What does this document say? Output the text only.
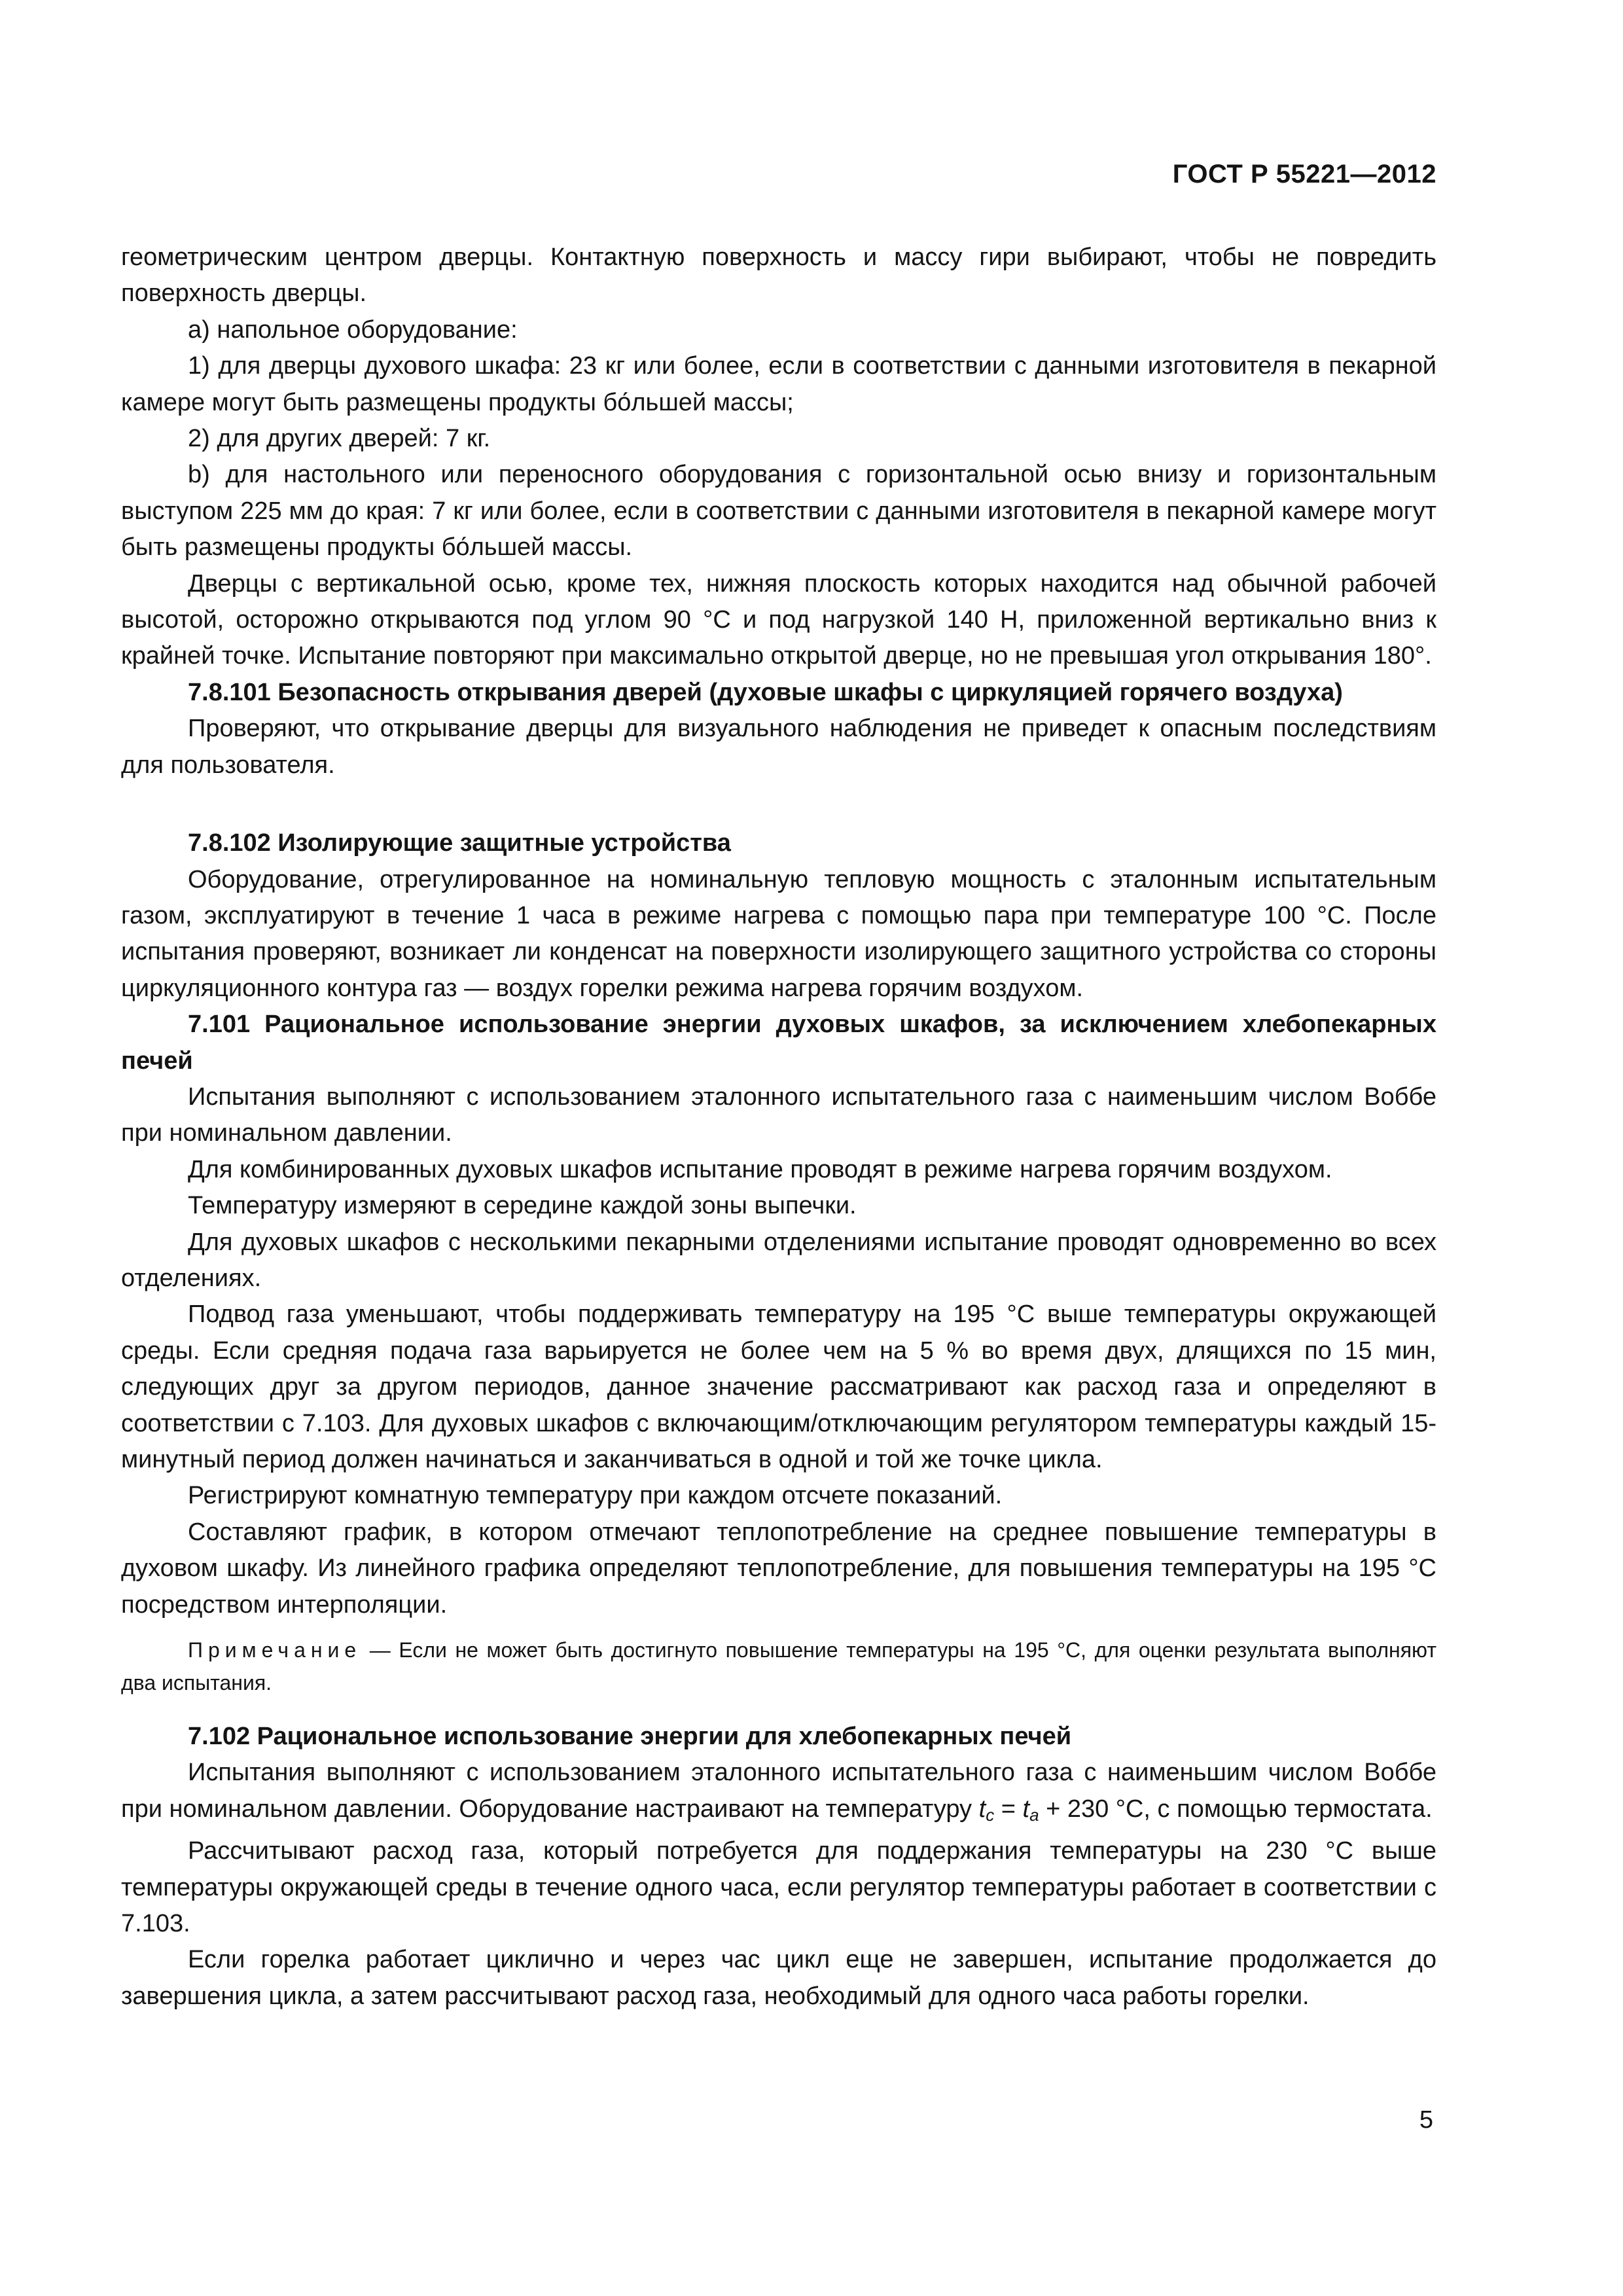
ГОСТ Р 55221—2012

геометрическим центром дверцы. Контактную поверхность и массу гири выбирают, чтобы не повредить поверхность дверцы.

a) напольное оборудование:

1) для дверцы духового шкафа: 23 кг или более, если в соответствии с данными изготовителя в пекарной камере могут быть размещены продукты бо́льшей массы;

2) для других дверей: 7 кг.

b) для настольного или переносного оборудования с горизонтальной осью внизу и горизонтальным выступом 225 мм до края: 7 кг или более, если в соответствии с данными изготовителя в пекарной камере могут быть размещены продукты бо́льшей массы.

Дверцы с вертикальной осью, кроме тех, нижняя плоскость которых находится над обычной рабочей высотой, осторожно открываются под углом 90 °С и под нагрузкой 140 Н, приложенной вертикально вниз к крайней точке. Испытание повторяют при максимально открытой дверце, но не превышая угол открывания 180°.

7.8.101 Безопасность открывания дверей (духовые шкафы с циркуляцией горячего воздуха)

Проверяют, что открывание дверцы для визуального наблюдения не приведет к опасным последствиям для пользователя.

7.8.102 Изолирующие защитные устройства

Оборудование, отрегулированное на номинальную тепловую мощность с эталонным испытательным газом, эксплуатируют в течение 1 часа в режиме нагрева с помощью пара при температуре 100 °С. После испытания проверяют, возникает ли конденсат на поверхности изолирующего защитного устройства со стороны циркуляционного контура газ — воздух горелки режима нагрева горячим воздухом.

7.101 Рациональное использование энергии духовых шкафов, за исключением хлебопекарных печей

Испытания выполняют с использованием эталонного испытательного газа с наименьшим числом Воббе при номинальном давлении.

Для комбинированных духовых шкафов испытание проводят в режиме нагрева горячим воздухом.

Температуру измеряют в середине каждой зоны выпечки.

Для духовых шкафов с несколькими пекарными отделениями испытание проводят одновременно во всех отделениях.

Подвод газа уменьшают, чтобы поддерживать температуру на 195 °С выше температуры окружающей среды. Если средняя подача газа варьируется не более чем на 5 % во время двух, длящихся по 15 мин, следующих друг за другом периодов, данное значение рассматривают как расход газа и определяют в соответствии с 7.103. Для духовых шкафов с включающим/отключающим регулятором температуры каждый 15-минутный период должен начинаться и заканчиваться в одной и той же точке цикла.

Регистрируют комнатную температуру при каждом отсчете показаний.

Составляют график, в котором отмечают теплопотребление на среднее повышение температуры в духовом шкафу. Из линейного графика определяют теплопотребление, для повышения температуры на 195 °С посредством интерполяции.

Примечание — Если не может быть достигнуто повышение температуры на 195 °С, для оценки результата выполняют два испытания.

7.102 Рациональное использование энергии для хлебопекарных печей

Испытания выполняют с использованием эталонного испытательного газа с наименьшим числом Воббе при номинальном давлении. Оборудование настраивают на температуру $t_c = t_a + 230$ °С, с помощью термостата.

Рассчитывают расход газа, который потребуется для поддержания температуры на 230 °С выше температуры окружающей среды в течение одного часа, если регулятор температуры работает в соответствии с 7.103.

Если горелка работает циклично и через час цикл еще не завершен, испытание продолжается до завершения цикла, а затем рассчитывают расход газа, необходимый для одного часа работы горелки.

5
